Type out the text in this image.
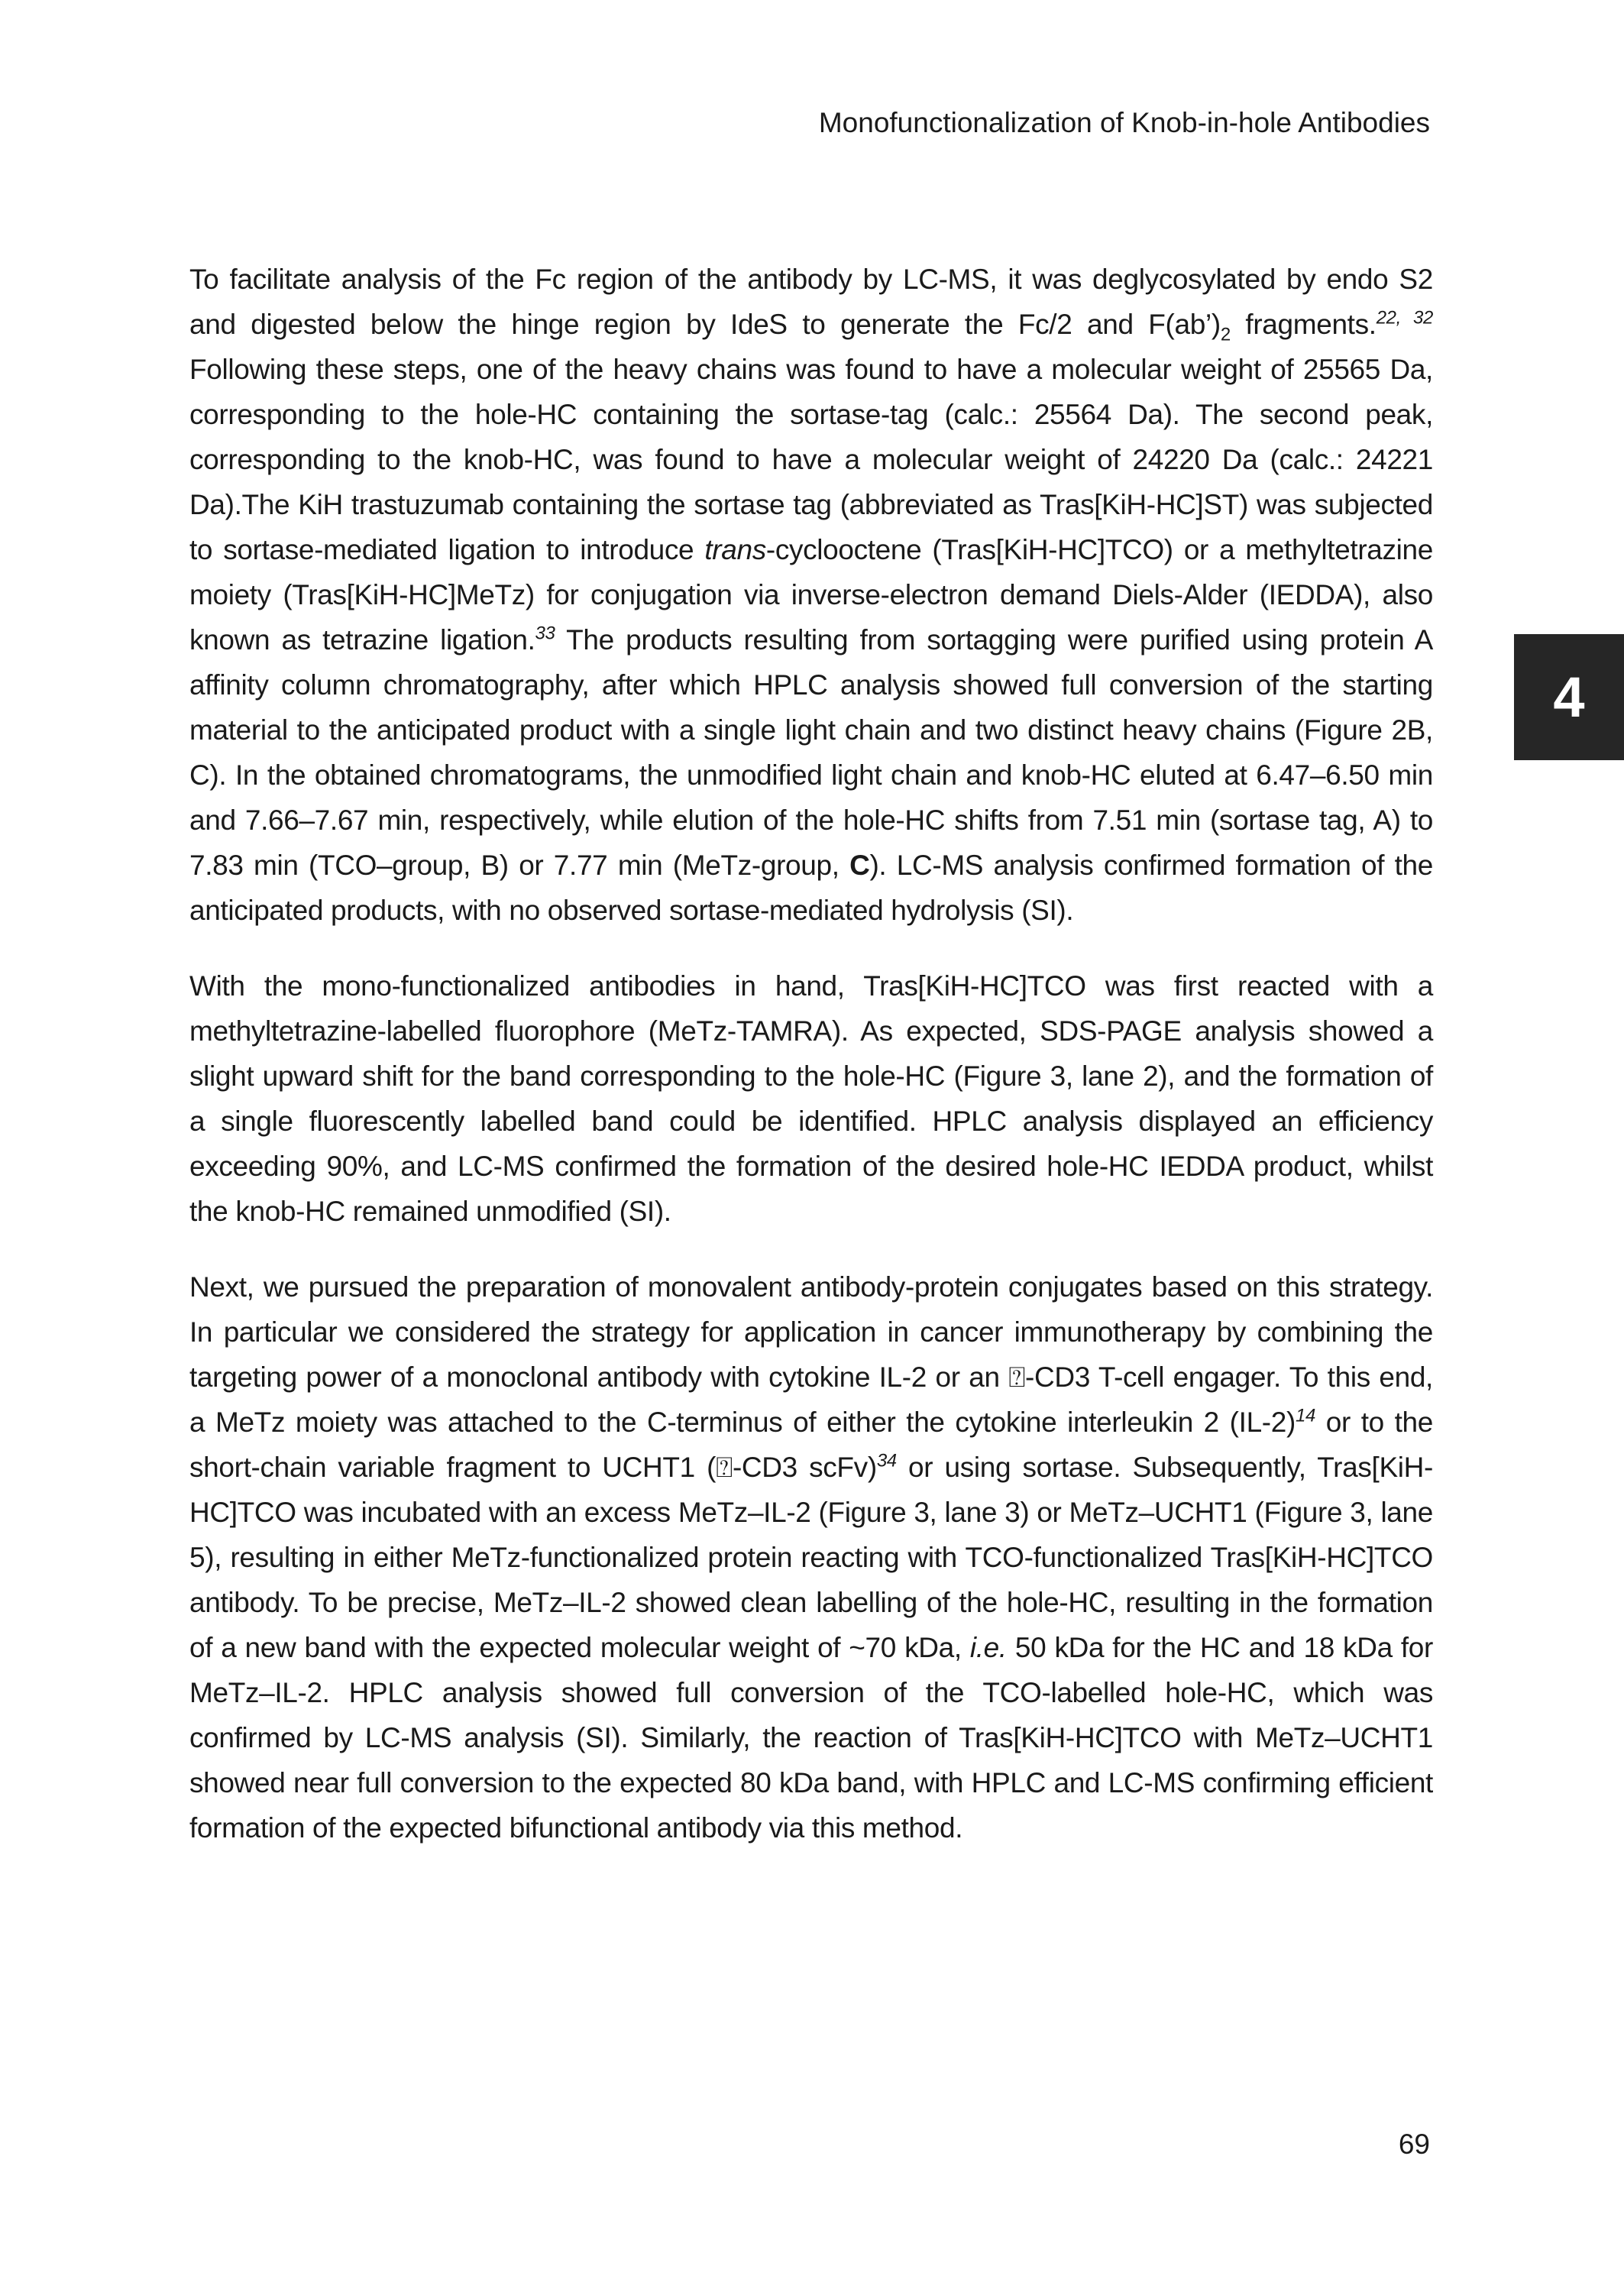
Monofunctionalization of Knob-in-hole Antibodies
4

To facilitate analysis of the Fc region of the antibody by LC-MS, it was deglycosylated by endo S2 and digested below the hinge region by IdeS to generate the Fc/2 and $F(ab’)_2$ fragments.$^{22, 32}$ Following these steps, one of the heavy chains was found to have a molecular weight of 25565 Da, corresponding to the hole-HC containing the sortase-tag (calc.: 25564 Da). The second peak, corresponding to the knob-HC, was found to have a molecular weight of 24220 Da (calc.: 24221 Da).The KiH trastuzumab containing the sortase tag (abbreviated as Tras[KiH-HC]ST) was subjected to sortase-mediated ligation to introduce trans-cyclooctene (Tras[KiH-HC]TCO) or a methyltetrazine moiety (Tras[KiH-HC]MeTz) for conjugation via inverse-electron demand Diels-Alder (IEDDA), also known as tetrazine ligation.$^{33}$ The products resulting from sortagging were purified using protein A affinity column chromatography, after which HPLC analysis showed full conversion of the starting material to the anticipated product with a single light chain and two distinct heavy chains (Figure 2B, C). In the obtained chromatograms, the unmodified light chain and knob-HC eluted at 6.47–6.50 min and 7.66–7.67 min, respectively, while elution of the hole-HC shifts from 7.51 min (sortase tag, A) to 7.83 min (TCO–group, B) or 7.77 min (MeTz-group, C). LC-MS analysis confirmed formation of the anticipated products, with no observed sortase-mediated hydrolysis (SI).

With the mono-functionalized antibodies in hand, Tras[KiH-HC]TCO was first reacted with a methyltetrazine-labelled fluorophore (MeTz-TAMRA). As expected, SDS-PAGE analysis showed a slight upward shift for the band corresponding to the hole-HC (Figure 3, lane 2), and the formation of a single fluorescently labelled band could be identified. HPLC analysis displayed an efficiency exceeding 90%, and LC-MS confirmed the formation of the desired hole-HC IEDDA product, whilst the knob-HC remained unmodified (SI).

Next, we pursued the preparation of monovalent antibody-protein conjugates based on this strategy. In particular we considered the strategy for application in cancer immunotherapy by combining the targeting power of a monoclonal antibody with cytokine IL-2 or an ⍰-CD3 T-cell engager. To this end, a MeTz moiety was attached to the C-terminus of either the cytokine interleukin 2 $(IL-2)^{14}$ or to the short-chain variable fragment to UCHT1 (⍰-CD3 scFv)$^{34}$ or using sortase. Subsequently, Tras[KiH-HC]TCO was incubated with an excess MeTz–IL-2 (Figure 3, lane 3) or MeTz–UCHT1 (Figure 3, lane 5), resulting in either MeTz-functionalized protein reacting with TCO-functionalized Tras[KiH-HC]TCO antibody. To be precise, MeTz–IL-2 showed clean labelling of the hole-HC, resulting in the formation of a new band with the expected molecular weight of ~70 kDa, i.e. 50 kDa for the HC and 18 kDa for MeTz–IL-2. HPLC analysis showed full conversion of the TCO-labelled hole-HC, which was confirmed by LC-MS analysis (SI). Similarly, the reaction of Tras[KiH-HC]TCO with MeTz–UCHT1 showed near full conversion to the expected 80 kDa band, with HPLC and LC-MS confirming efficient formation of the expected bifunctional antibody via this method.

69
